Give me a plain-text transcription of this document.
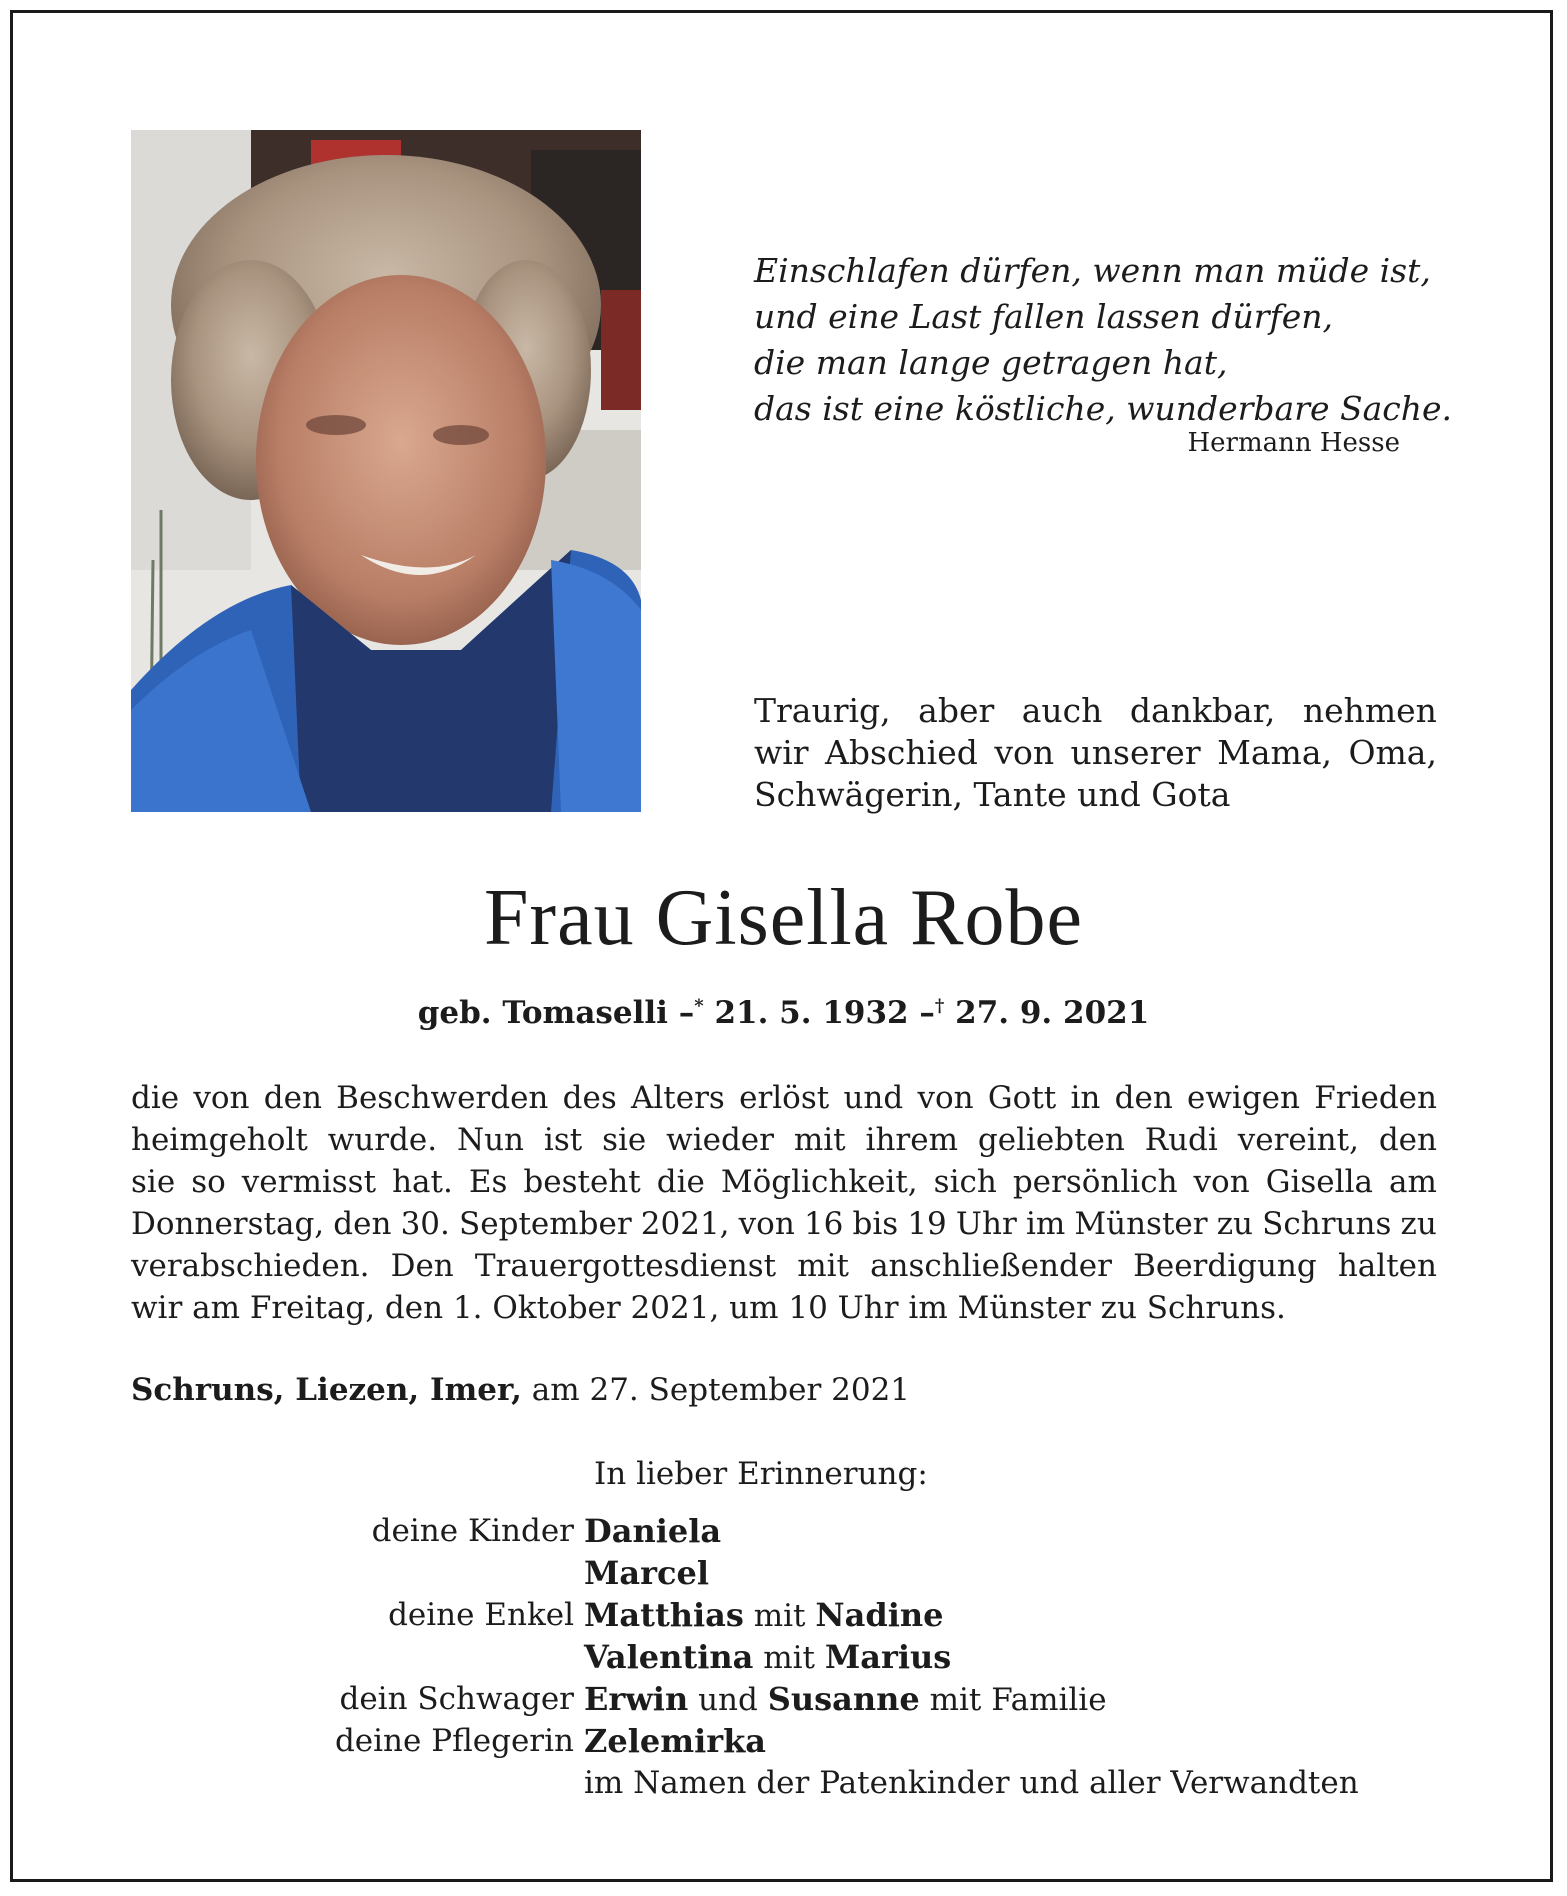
Einschlafen dürfen, wenn man müde ist,
und eine Last fallen lassen dürfen,
die man lange getragen hat,
das ist eine köstliche, wunderbare Sache.
Hermann Hesse
Traurig, aber auch dankbar, nehmen
wir Abschied von unserer Mama, Oma,
Schwägerin, Tante und Gota
Frau Gisella Robe
geb. Tomaselli –* 21. 5. 1932 –† 27. 9. 2021
die von den Beschwerden des Alters erlöst und von Gott in den ewigen Frieden
heimgeholt wurde. Nun ist sie wieder mit ihrem geliebten Rudi vereint, den
sie so vermisst hat. Es besteht die Möglichkeit, sich persönlich von Gisella am
Donnerstag, den 30. September 2021, von 16 bis 19 Uhr im Münster zu Schruns zu
verabschieden. Den Trauergottesdienst mit anschließender Beerdigung halten
wir am Freitag, den 1. Oktober 2021, um 10 Uhr im Münster zu Schruns.
Schruns, Liezen, Imer, am 27. September 2021
In lieber Erinnerung:
deine Kinder Daniela
Marcel
deine Enkel Matthias mit Nadine
Valentina mit Marius
dein Schwager Erwin und Susanne mit Familie
deine Pflegerin Zelemirka
im Namen der Patenkinder und aller Verwandten
